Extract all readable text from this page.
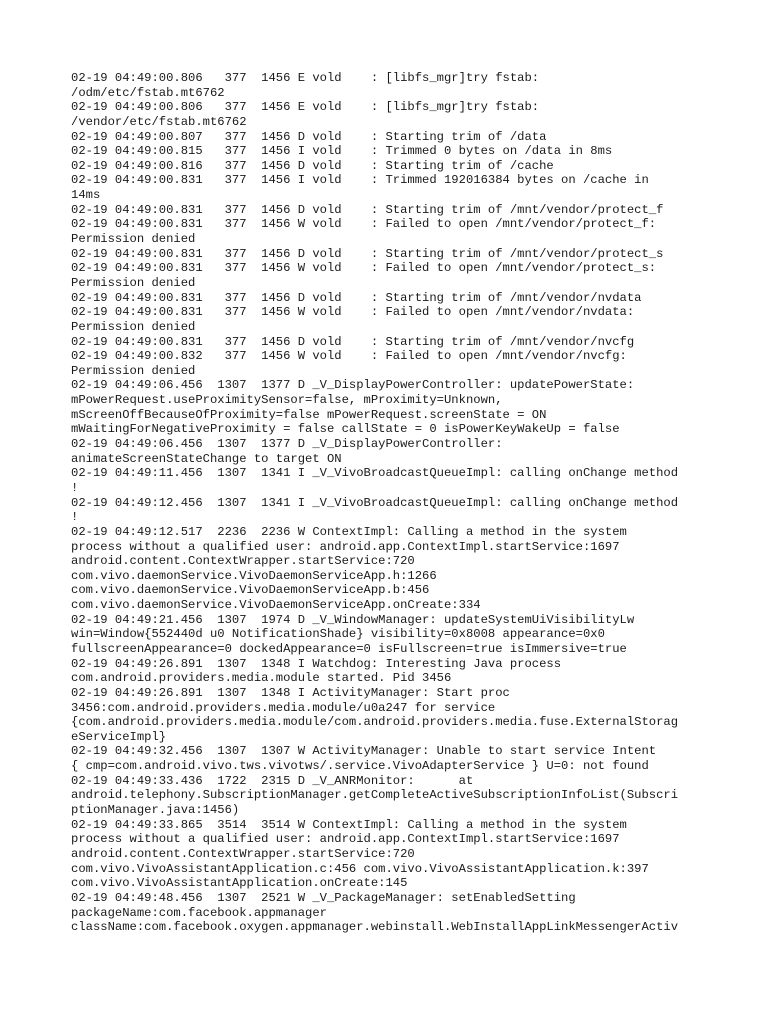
02-19 04:49:00.806   377  1456 E vold    : [libfs_mgr]try fstab:
/odm/etc/fstab.mt6762
02-19 04:49:00.806   377  1456 E vold    : [libfs_mgr]try fstab:
/vendor/etc/fstab.mt6762
02-19 04:49:00.807   377  1456 D vold    : Starting trim of /data
02-19 04:49:00.815   377  1456 I vold    : Trimmed 0 bytes on /data in 8ms
02-19 04:49:00.816   377  1456 D vold    : Starting trim of /cache
02-19 04:49:00.831   377  1456 I vold    : Trimmed 192016384 bytes on /cache in
14ms
02-19 04:49:00.831   377  1456 D vold    : Starting trim of /mnt/vendor/protect_f
02-19 04:49:00.831   377  1456 W vold    : Failed to open /mnt/vendor/protect_f:
Permission denied
02-19 04:49:00.831   377  1456 D vold    : Starting trim of /mnt/vendor/protect_s
02-19 04:49:00.831   377  1456 W vold    : Failed to open /mnt/vendor/protect_s:
Permission denied
02-19 04:49:00.831   377  1456 D vold    : Starting trim of /mnt/vendor/nvdata
02-19 04:49:00.831   377  1456 W vold    : Failed to open /mnt/vendor/nvdata:
Permission denied
02-19 04:49:00.831   377  1456 D vold    : Starting trim of /mnt/vendor/nvcfg
02-19 04:49:00.832   377  1456 W vold    : Failed to open /mnt/vendor/nvcfg:
Permission denied
02-19 04:49:06.456  1307  1377 D _V_DisplayPowerController: updatePowerState:
mPowerRequest.useProximitySensor=false, mProximity=Unknown,
mScreenOffBecauseOfProximity=false mPowerRequest.screenState = ON
mWaitingForNegativeProximity = false callState = 0 isPowerKeyWakeUp = false
02-19 04:49:06.456  1307  1377 D _V_DisplayPowerController:
animateScreenStateChange to target ON
02-19 04:49:11.456  1307  1341 I _V_VivoBroadcastQueueImpl: calling onChange method
!
02-19 04:49:12.456  1307  1341 I _V_VivoBroadcastQueueImpl: calling onChange method
!
02-19 04:49:12.517  2236  2236 W ContextImpl: Calling a method in the system
process without a qualified user: android.app.ContextImpl.startService:1697
android.content.ContextWrapper.startService:720
com.vivo.daemonService.VivoDaemonServiceApp.h:1266
com.vivo.daemonService.VivoDaemonServiceApp.b:456
com.vivo.daemonService.VivoDaemonServiceApp.onCreate:334
02-19 04:49:21.456  1307  1974 D _V_WindowManager: updateSystemUiVisibilityLw
win=Window{552440d u0 NotificationShade} visibility=0x8008 appearance=0x0
fullscreenAppearance=0 dockedAppearance=0 isFullscreen=true isImmersive=true
02-19 04:49:26.891  1307  1348 I Watchdog: Interesting Java process
com.android.providers.media.module started. Pid 3456
02-19 04:49:26.891  1307  1348 I ActivityManager: Start proc
3456:com.android.providers.media.module/u0a247 for service
{com.android.providers.media.module/com.android.providers.media.fuse.ExternalStorag
eServiceImpl}
02-19 04:49:32.456  1307  1307 W ActivityManager: Unable to start service Intent
{ cmp=com.android.vivo.tws.vivotws/.service.VivoAdapterService } U=0: not found
02-19 04:49:33.436  1722  2315 D _V_ANRMonitor:      at
android.telephony.SubscriptionManager.getCompleteActiveSubscriptionInfoList(Subscri
ptionManager.java:1456)
02-19 04:49:33.865  3514  3514 W ContextImpl: Calling a method in the system
process without a qualified user: android.app.ContextImpl.startService:1697
android.content.ContextWrapper.startService:720
com.vivo.VivoAssistantApplication.c:456 com.vivo.VivoAssistantApplication.k:397
com.vivo.VivoAssistantApplication.onCreate:145
02-19 04:49:48.456  1307  2521 W _V_PackageManager: setEnabledSetting
packageName:com.facebook.appmanager
className:com.facebook.oxygen.appmanager.webinstall.WebInstallAppLinkMessengerActiv
